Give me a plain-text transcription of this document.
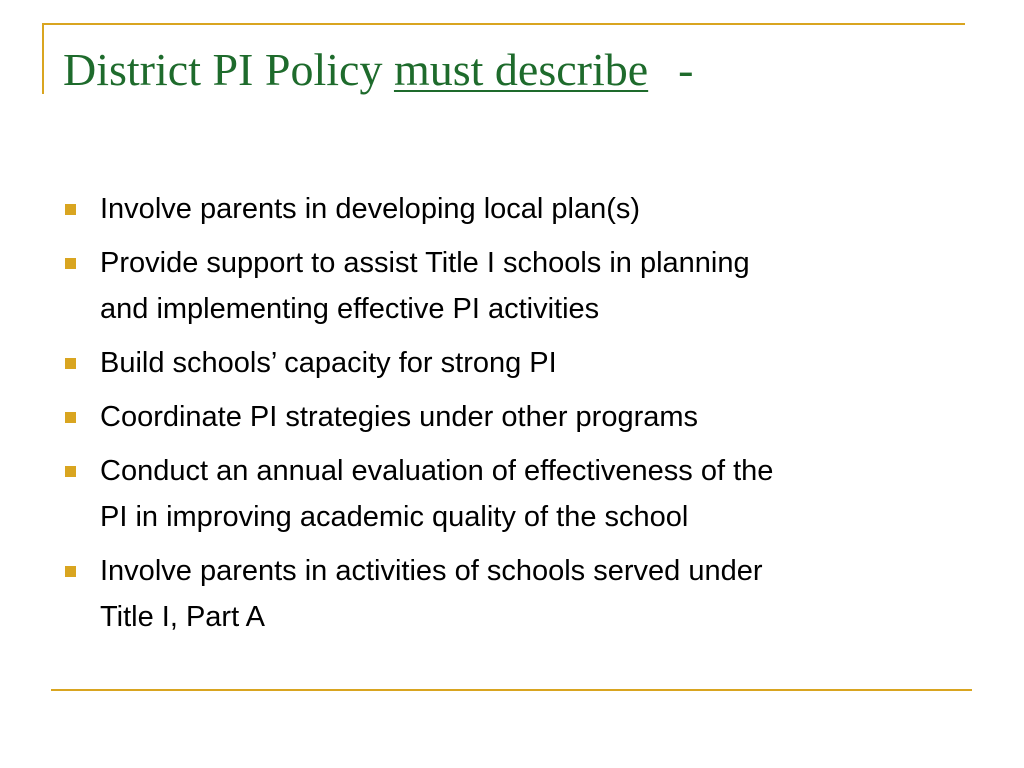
District PI Policy must describe -
Involve parents in developing local plan(s)
Provide support to assist Title I schools in planning
and implementing effective PI activities
Build schools’ capacity for strong PI
Coordinate PI strategies under other programs
Conduct an annual evaluation of effectiveness of the
PI in improving academic quality of the school
Involve parents in activities of schools served under
Title I, Part A
